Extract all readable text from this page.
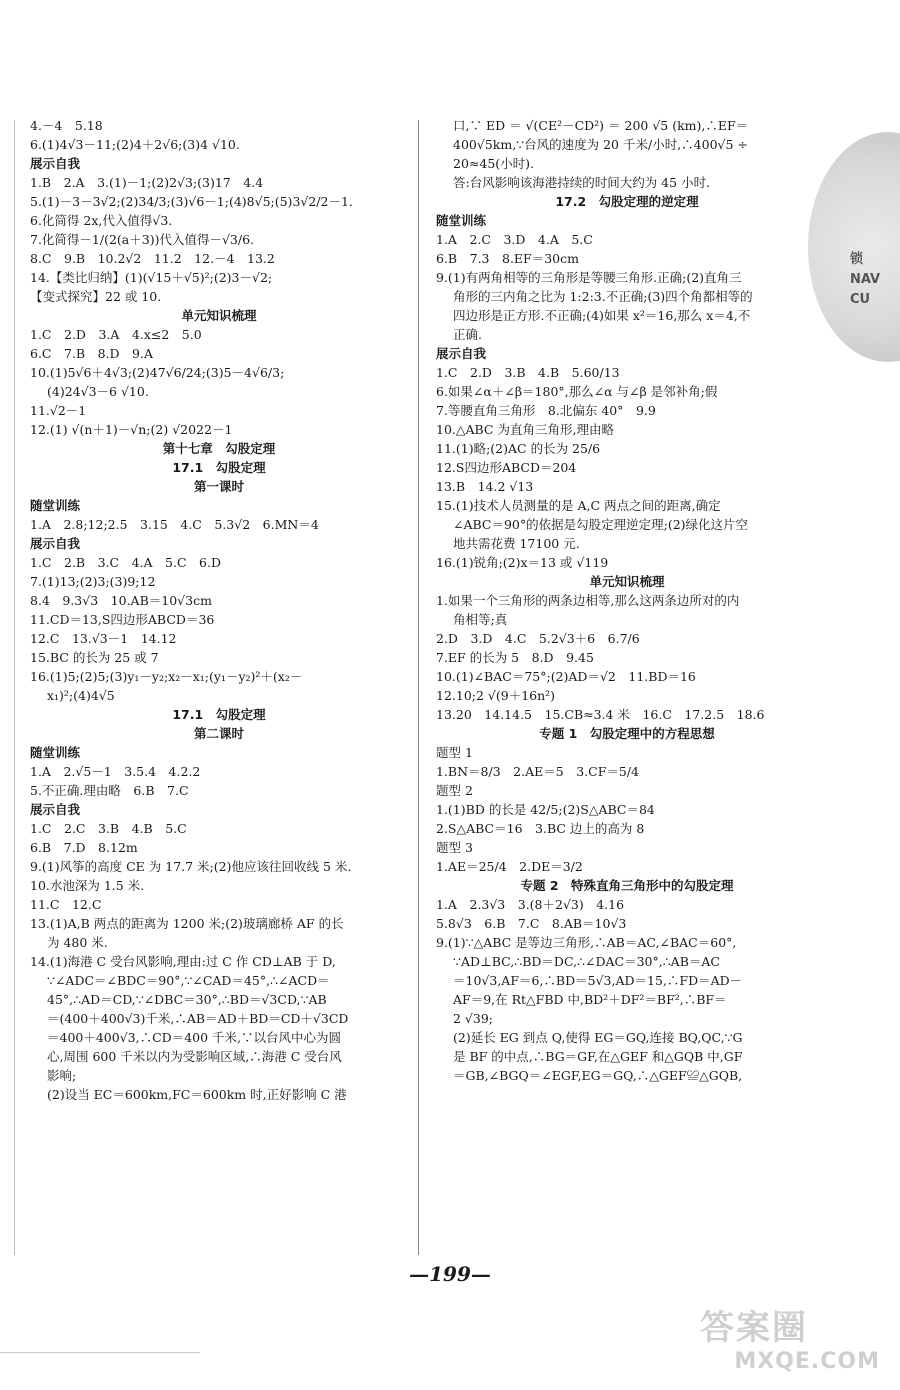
4.－4　5.18
6.(1)4√3－11;(2)4＋2√6;(3)4 √10.
展示自我
1.B　2.A　3.(1)－1;(2)2√3;(3)17　4.4
5.(1)－3－3√2;(2)34/3;(3)√6－1;(4)8√5;(5)3√2/2－1.
6.化简得 2x,代入值得√3.
7.化简得－1/(2(a＋3))代入值得－√3/6.
8.C　9.B　10.2√2　11.2　12.－4　13.2
14.【类比归纳】(1)(√15＋√5)²;(2)3－√2;
【变式探究】22 或 10.
单元知识梳理
1.C　2.D　3.A　4.x≤2　5.0
6.C　7.B　8.D　9.A
10.(1)5√6＋4√3;(2)47√6/24;(3)5－4√6/3;
(4)24√3－6 √10.
11.√2－1
12.(1) √(n＋1)－√n;(2) √2022－1
第十七章　勾股定理
17.1　勾股定理
第一课时
随堂训练
1.A　2.8;12;2.5　3.15　4.C　5.3√2　6.MN＝4
展示自我
1.C　2.B　3.C　4.A　5.C　6.D
7.(1)13;(2)3;(3)9;12
8.4　9.3√3　10.AB＝10√3cm
11.CD＝13,S四边形ABCD＝36
12.C　13.√3－1　14.12
15.BC 的长为 25 或 7
16.(1)5;(2)5;(3)y₁－y₂;x₂－x₁;(y₁－y₂)²＋(x₂－
x₁)²;(4)4√5
17.1　勾股定理
第二课时
随堂训练
1.A　2.√5－1　3.5.4　4.2.2
5.不正确.理由略　6.B　7.C
展示自我
1.C　2.C　3.B　4.B　5.C
6.B　7.D　8.12m
9.(1)风筝的高度 CE 为 17.7 米;(2)他应该往回收线 5 米.
10.水池深为 1.5 米.
11.C　12.C
13.(1)A,B 两点的距离为 1200 米;(2)玻璃廊桥 AF 的长
为 480 米.
14.(1)海港 C 受台风影响,理由:过 C 作 CD⊥AB 于 D,
∵∠ADC＝∠BDC＝90°,∵∠CAD＝45°,∴∠ACD＝
45°,∴AD＝CD,∵∠DBC＝30°,∴BD＝√3CD,∵AB
＝(400＋400√3)千米,∴AB＝AD＋BD＝CD＋√3CD
＝400＋400√3,∴CD＝400 千米,∵以台风中心为圆
心,周围 600 千米以内为受影响区域,∴海港 C 受台风
影响;
(2)设当 EC＝600km,FC＝600km 时,正好影响 C 港
口,∵ ED ＝ √(CE²－CD²) ＝ 200 √5 (km),∴EF＝
400√5km,∵台风的速度为 20 千米/小时,∴400√5 ÷
20≈45(小时).
答:台风影响该海港持续的时间大约为 45 小时.
17.2　勾股定理的逆定理
随堂训练
1.A　2.C　3.D　4.A　5.C
6.B　7.3　8.EF＝30cm
9.(1)有两角相等的三角形是等腰三角形.正确;(2)直角三
角形的三内角之比为 1:2:3.不正确;(3)四个角都相等的
四边形是正方形.不正确;(4)如果 x²＝16,那么 x＝4,不
正确.
展示自我
1.C　2.D　3.B　4.B　5.60/13
6.如果∠α＋∠β＝180°,那么∠α 与∠β 是邻补角;假
7.等腰直角三角形　8.北偏东 40°　9.9
10.△ABC 为直角三角形,理由略
11.(1)略;(2)AC 的长为 25/6
12.S四边形ABCD＝204
13.B　14.2 √13
15.(1)技术人员测量的是 A,C 两点之间的距离,确定
∠ABC＝90°的依据是勾股定理逆定理;(2)绿化这片空
地共需花费 17100 元.
16.(1)锐角;(2)x＝13 或 √119
单元知识梳理
1.如果一个三角形的两条边相等,那么这两条边所对的内
角相等;真
2.D　3.D　4.C　5.2√3＋6　6.7/6
7.EF 的长为 5　8.D　9.45
10.(1)∠BAC＝75°;(2)AD＝√2　11.BD＝16
12.10;2 √(9＋16n²)
13.20　14.14.5　15.CB≈3.4 米　16.C　17.2.5　18.6
专题 1　勾股定理中的方程思想
题型 1
1.BN＝8/3　2.AE＝5　3.CF＝5/4
题型 2
1.(1)BD 的长是 42/5;(2)S△ABC＝84
2.S△ABC＝16　3.BC 边上的高为 8
题型 3
1.AE＝25/4　2.DE＝3/2
专题 2　特殊直角三角形中的勾股定理
1.A　2.3√3　3.(8＋2√3)　4.16
5.8√3　6.B　7.C　8.AB＝10√3
9.(1)∵△ABC 是等边三角形,∴AB＝AC,∠BAC＝60°,
∵AD⊥BC,∴BD＝DC,∴∠DAC＝30°,∴AB＝AC
＝10√3,AF＝6,∴BD＝5√3,AD＝15,∴FD＝AD－
AF＝9,在 Rt△FBD 中,BD²＋DF²＝BF²,∴BF＝
2 √39;
(2)延长 EG 到点 Q,使得 EG＝GQ,连接 BQ,QC,∵G
是 BF 的中点,∴BG＝GF,在△GEF 和△GQB 中,GF
＝GB,∠BGQ＝∠EGF,EG＝GQ,∴△GEF≌△GQB,
锁
NAV
CU
—199—
答案圈
MXQE.COM
